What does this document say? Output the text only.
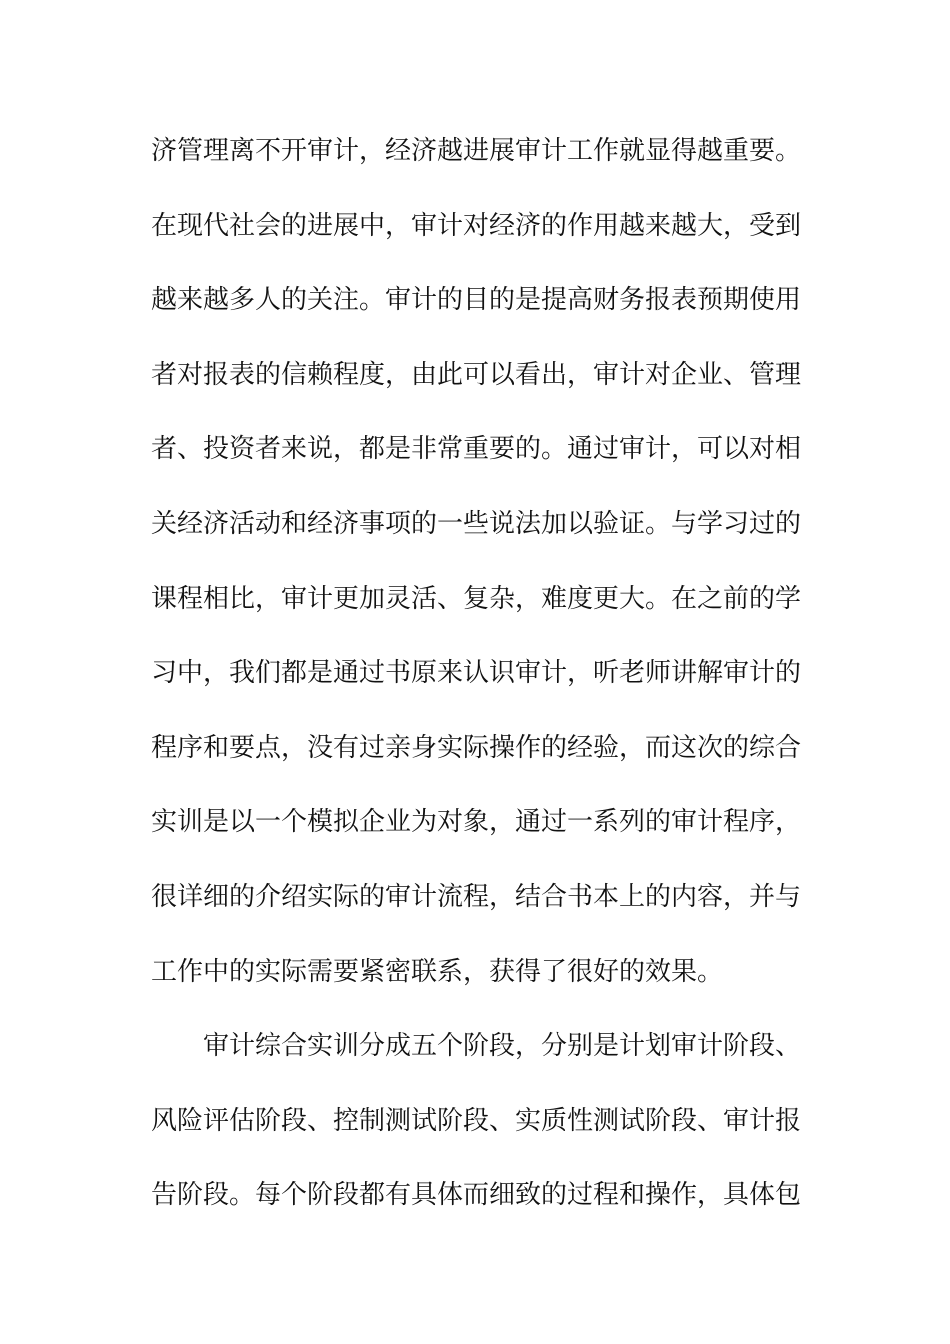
济管理离不开审计，经济越进展审计工作就显得越重要。
在现代社会的进展中，审计对经济的作用越来越大，受到
越来越多人的关注。审计的目的是提高财务报表预期使用
者对报表的信赖程度，由此可以看出，审计对企业、管理
者、投资者来说，都是非常重要的。通过审计，可以对相
关经济活动和经济事项的一些说法加以验证。与学习过的
课程相比，审计更加灵活、复杂，难度更大。在之前的学
习中，我们都是通过书原来认识审计，听老师讲解审计的
程序和要点，没有过亲身实际操作的经验，而这次的综合
实训是以一个模拟企业为对象，通过一系列的审计程序，
很详细的介绍实际的审计流程，结合书本上的内容，并与
工作中的实际需要紧密联系，获得了很好的效果。
审计综合实训分成五个阶段，分别是计划审计阶段、
风险评估阶段、控制测试阶段、实质性测试阶段、审计报
告阶段。每个阶段都有具体而细致的过程和操作，具体包
